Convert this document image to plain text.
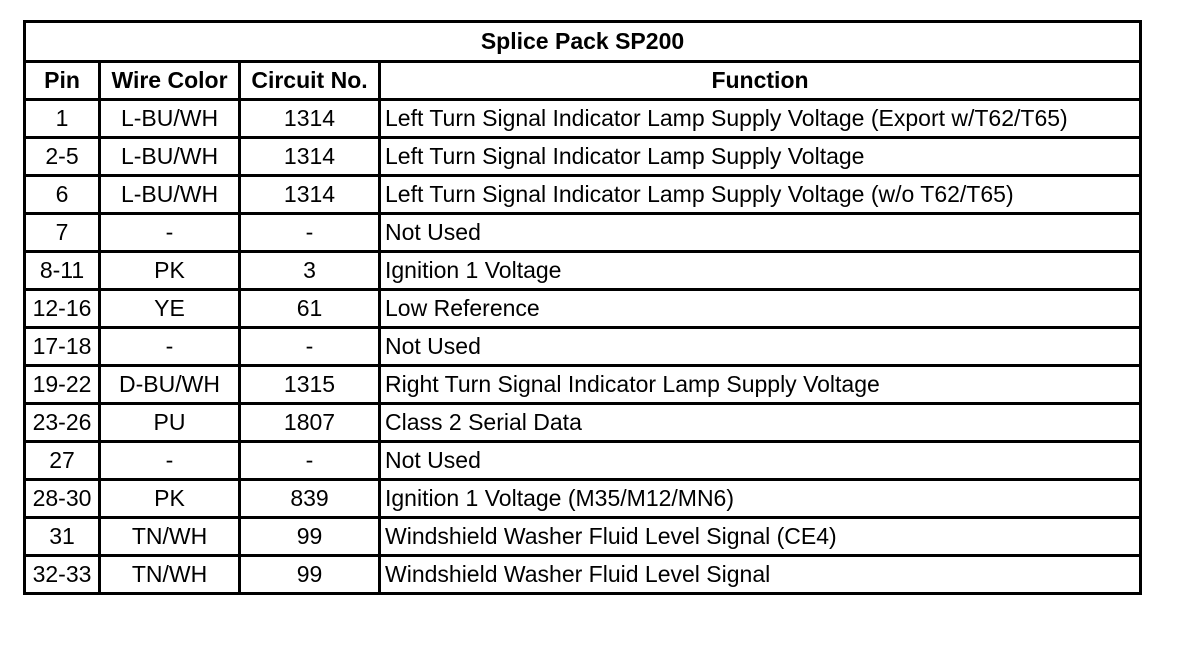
Splice Pack SP200			
Pin	Wire Color	Circuit No.	Function
1	L-BU/WH	1314	Left Turn Signal Indicator Lamp Supply Voltage (Export w/T62/T65)
2-5	L-BU/WH	1314	Left Turn Signal Indicator Lamp Supply Voltage
6	L-BU/WH	1314	Left Turn Signal Indicator Lamp Supply Voltage (w/o T62/T65)
7	-	-	Not Used
8-11	PK	3	Ignition 1 Voltage
12-16	YE	61	Low Reference
17-18	-	-	Not Used
19-22	D-BU/WH	1315	Right Turn Signal Indicator Lamp Supply Voltage
23-26	PU	1807	Class 2 Serial Data
27	-	-	Not Used
28-30	PK	839	Ignition 1 Voltage (M35/M12/MN6)
31	TN/WH	99	Windshield Washer Fluid Level Signal (CE4)
32-33	TN/WH	99	Windshield Washer Fluid Level Signal
